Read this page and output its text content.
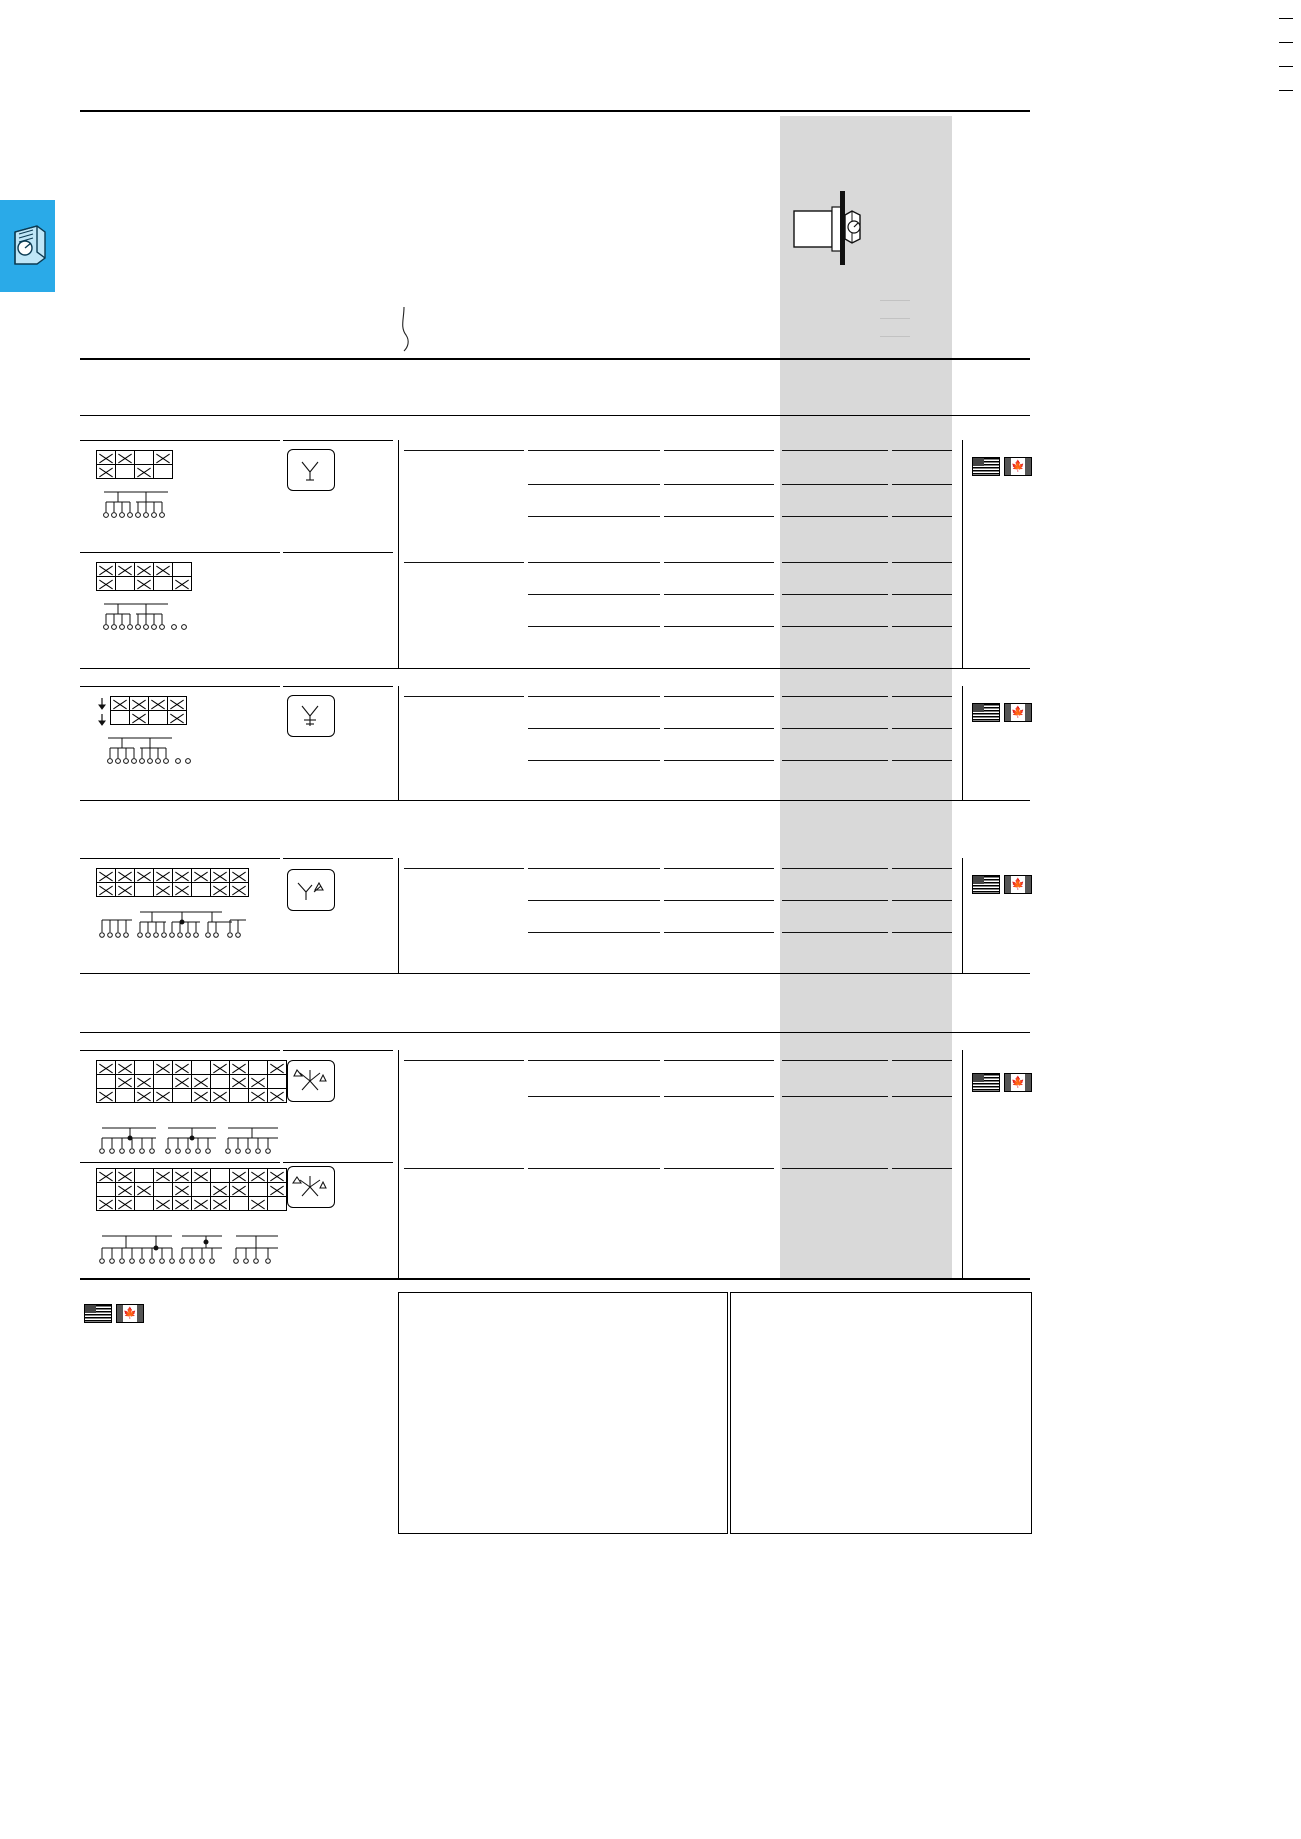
🍁

🍁

🍁

🍁

🍁
